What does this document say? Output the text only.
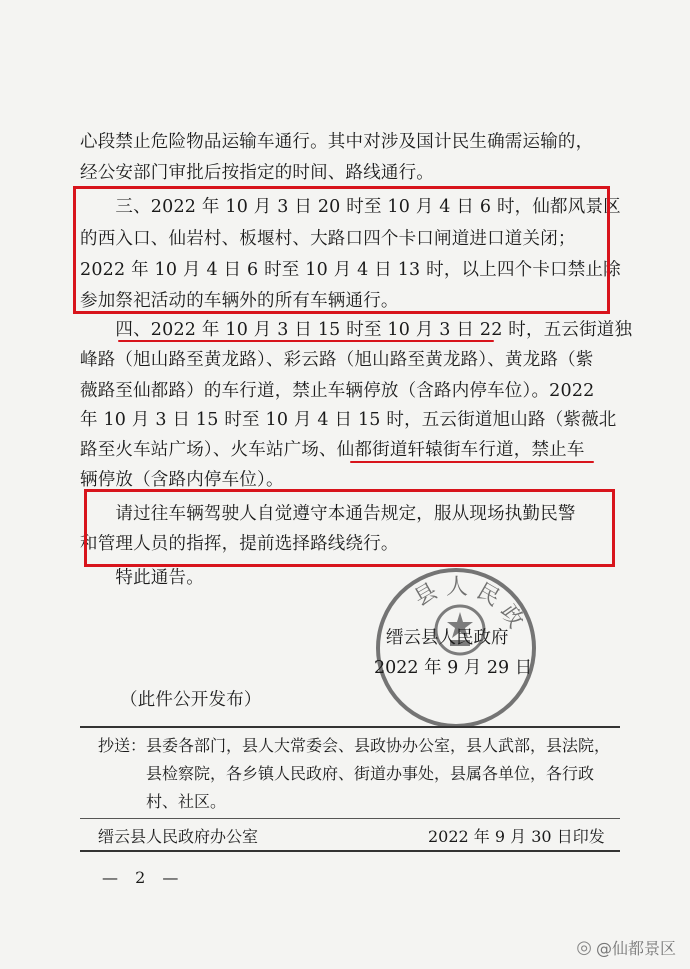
心段禁止危险物品运输车通行。其中对涉及国计民生确需运输的，
经公安部门审批后按指定的时间、路线通行。
　　三、2022 年 10 月 3 日 20 时至 10 月 4 日 6 时，仙都风景区
的西入口、仙岩村、板堰村、大路口四个卡口闸道进口道关闭；
2022 年 10 月 4 日 6 时至 10 月 4 日 13 时，以上四个卡口禁止除
参加祭祀活动的车辆外的所有车辆通行。
　　四、2022 年 10 月 3 日 15 时至 10 月 3 日 22 时，五云街道独
峰路（旭山路至黄龙路）、彩云路（旭山路至黄龙路）、黄龙路（紫
薇路至仙都路）的车行道，禁止车辆停放（含路内停车位）。2022
年 10 月 3 日 15 时至 10 月 4 日 15 时，五云街道旭山路（紫薇北
路至火车站广场）、火车站广场、仙都街道轩辕街车行道，禁止车
辆停放（含路内停车位）。
　　请过往车辆驾驶人自觉遵守本通告规定，服从现场执勤民警
和管理人员的指挥，提前选择路线绕行。
　　特此通告。
县 人 民
政
缙云县人民政府
2022 年 9 月 29 日
（此件公开发布）
抄送： 县委各部门，县人大常委会、县政协办公室，县人武部，县法院，
县检察院，各乡镇人民政府、街道办事处，县属各单位，各行政
村、社区。
缙云县人民政府办公室	2022 年 9 月 30 日印发
— 2 —
◎ @仙都景区
